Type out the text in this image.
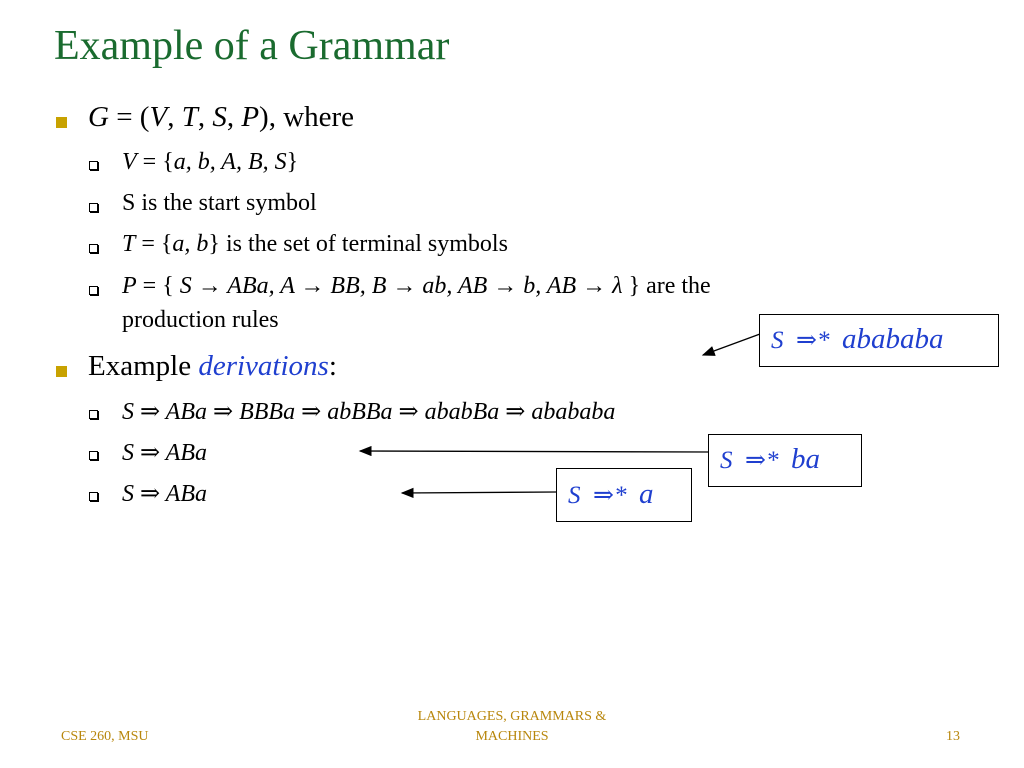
Example of a Grammar
G = (V, T, S, P), where
V = {a, b, A, B, S}
S is the start symbol
T = {a, b} is the set of terminal symbols
P = { S → ABa, A → BB, B → ab, AB → b, AB → λ } are the
production rules
Example derivations:
S ⇒ ABa ⇒ BBBa ⇒ abBBa ⇒ ababBa ⇒ abababa
S ⇒ ABa
S ⇒ ABa
S ⇒* abababa
S ⇒* ba
S ⇒* a
CSE 260, MSU
LANGUAGES, GRAMMARS &
MACHINES	13
